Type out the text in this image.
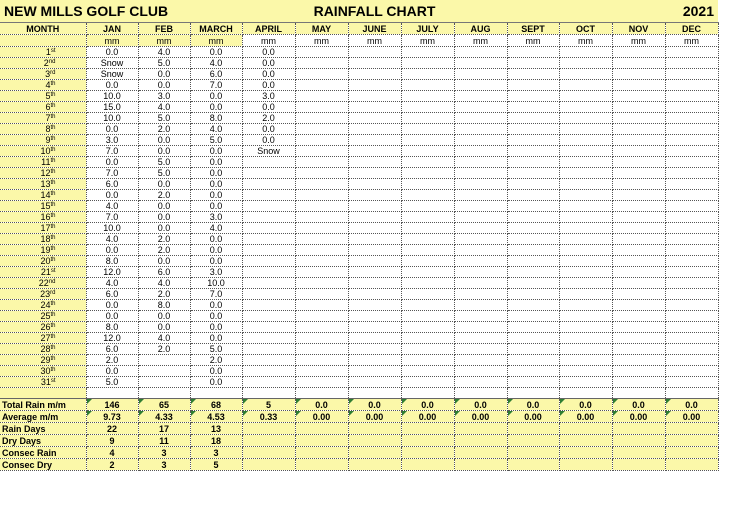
NEW MILLS GOLF CLUB				RAINFALL CHART					2021			
MONTH	JAN	FEB	MARCH	APRIL	MAY	JUNE	JULY	AUG	SEPT	OCT	NOV	DEC
	mm	mm	mm	mm	mm	mm	mm	mm	mm	mm	mm	mm
1st	0.0	4.0	0.0	0.0								
2nd	Snow	5.0	4.0	0.0								
3rd	Snow	0.0	6.0	0.0								
4th	0.0	0.0	7.0	0.0								
5th	10.0	3.0	0.0	3.0								
6th	15.0	4.0	0.0	0.0								
7th	10.0	5.0	8.0	2.0								
8th	0.0	2.0	4.0	0.0								
9th	3.0	0.0	5.0	0.0								
10th	7.0	0.0	0.0	Snow								
11th	0.0	5.0	0.0									
12th	7.0	5.0	0.0									
13th	6.0	0.0	0.0									
14th	0.0	2.0	0.0									
15th	4.0	0.0	0.0									
16th	7.0	0.0	3.0									
17th	10.0	0.0	4.0									
18th	4.0	2.0	0.0									
19th	0.0	2.0	0.0									
20th	8.0	0.0	0.0									
21st	12.0	6.0	3.0									
22nd	4.0	4.0	10.0									
23rd	6.0	2.0	7.0									
24th	0.0	8.0	0.0									
25th	0.0	0.0	0.0									
26th	8.0	0.0	0.0									
27th	12.0	4.0	0.0									
28th	6.0	2.0	5.0									
29th	2.0		2.0									
30th	0.0		0.0									
31st	5.0		0.0									

Total Rain m/m	146	65	68	5	0.0	0.0	0.0	0.0	0.0	0.0	0.0	0.0
Average m/m	9.73	4.33	4.53	0.33	0.00	0.00	0.00	0.00	0.00	0.00	0.00	0.00
Rain Days	22	17	13									
Dry Days	9	11	18									
Consec Rain	4	3	3									
Consec Dry	2	3	5									
